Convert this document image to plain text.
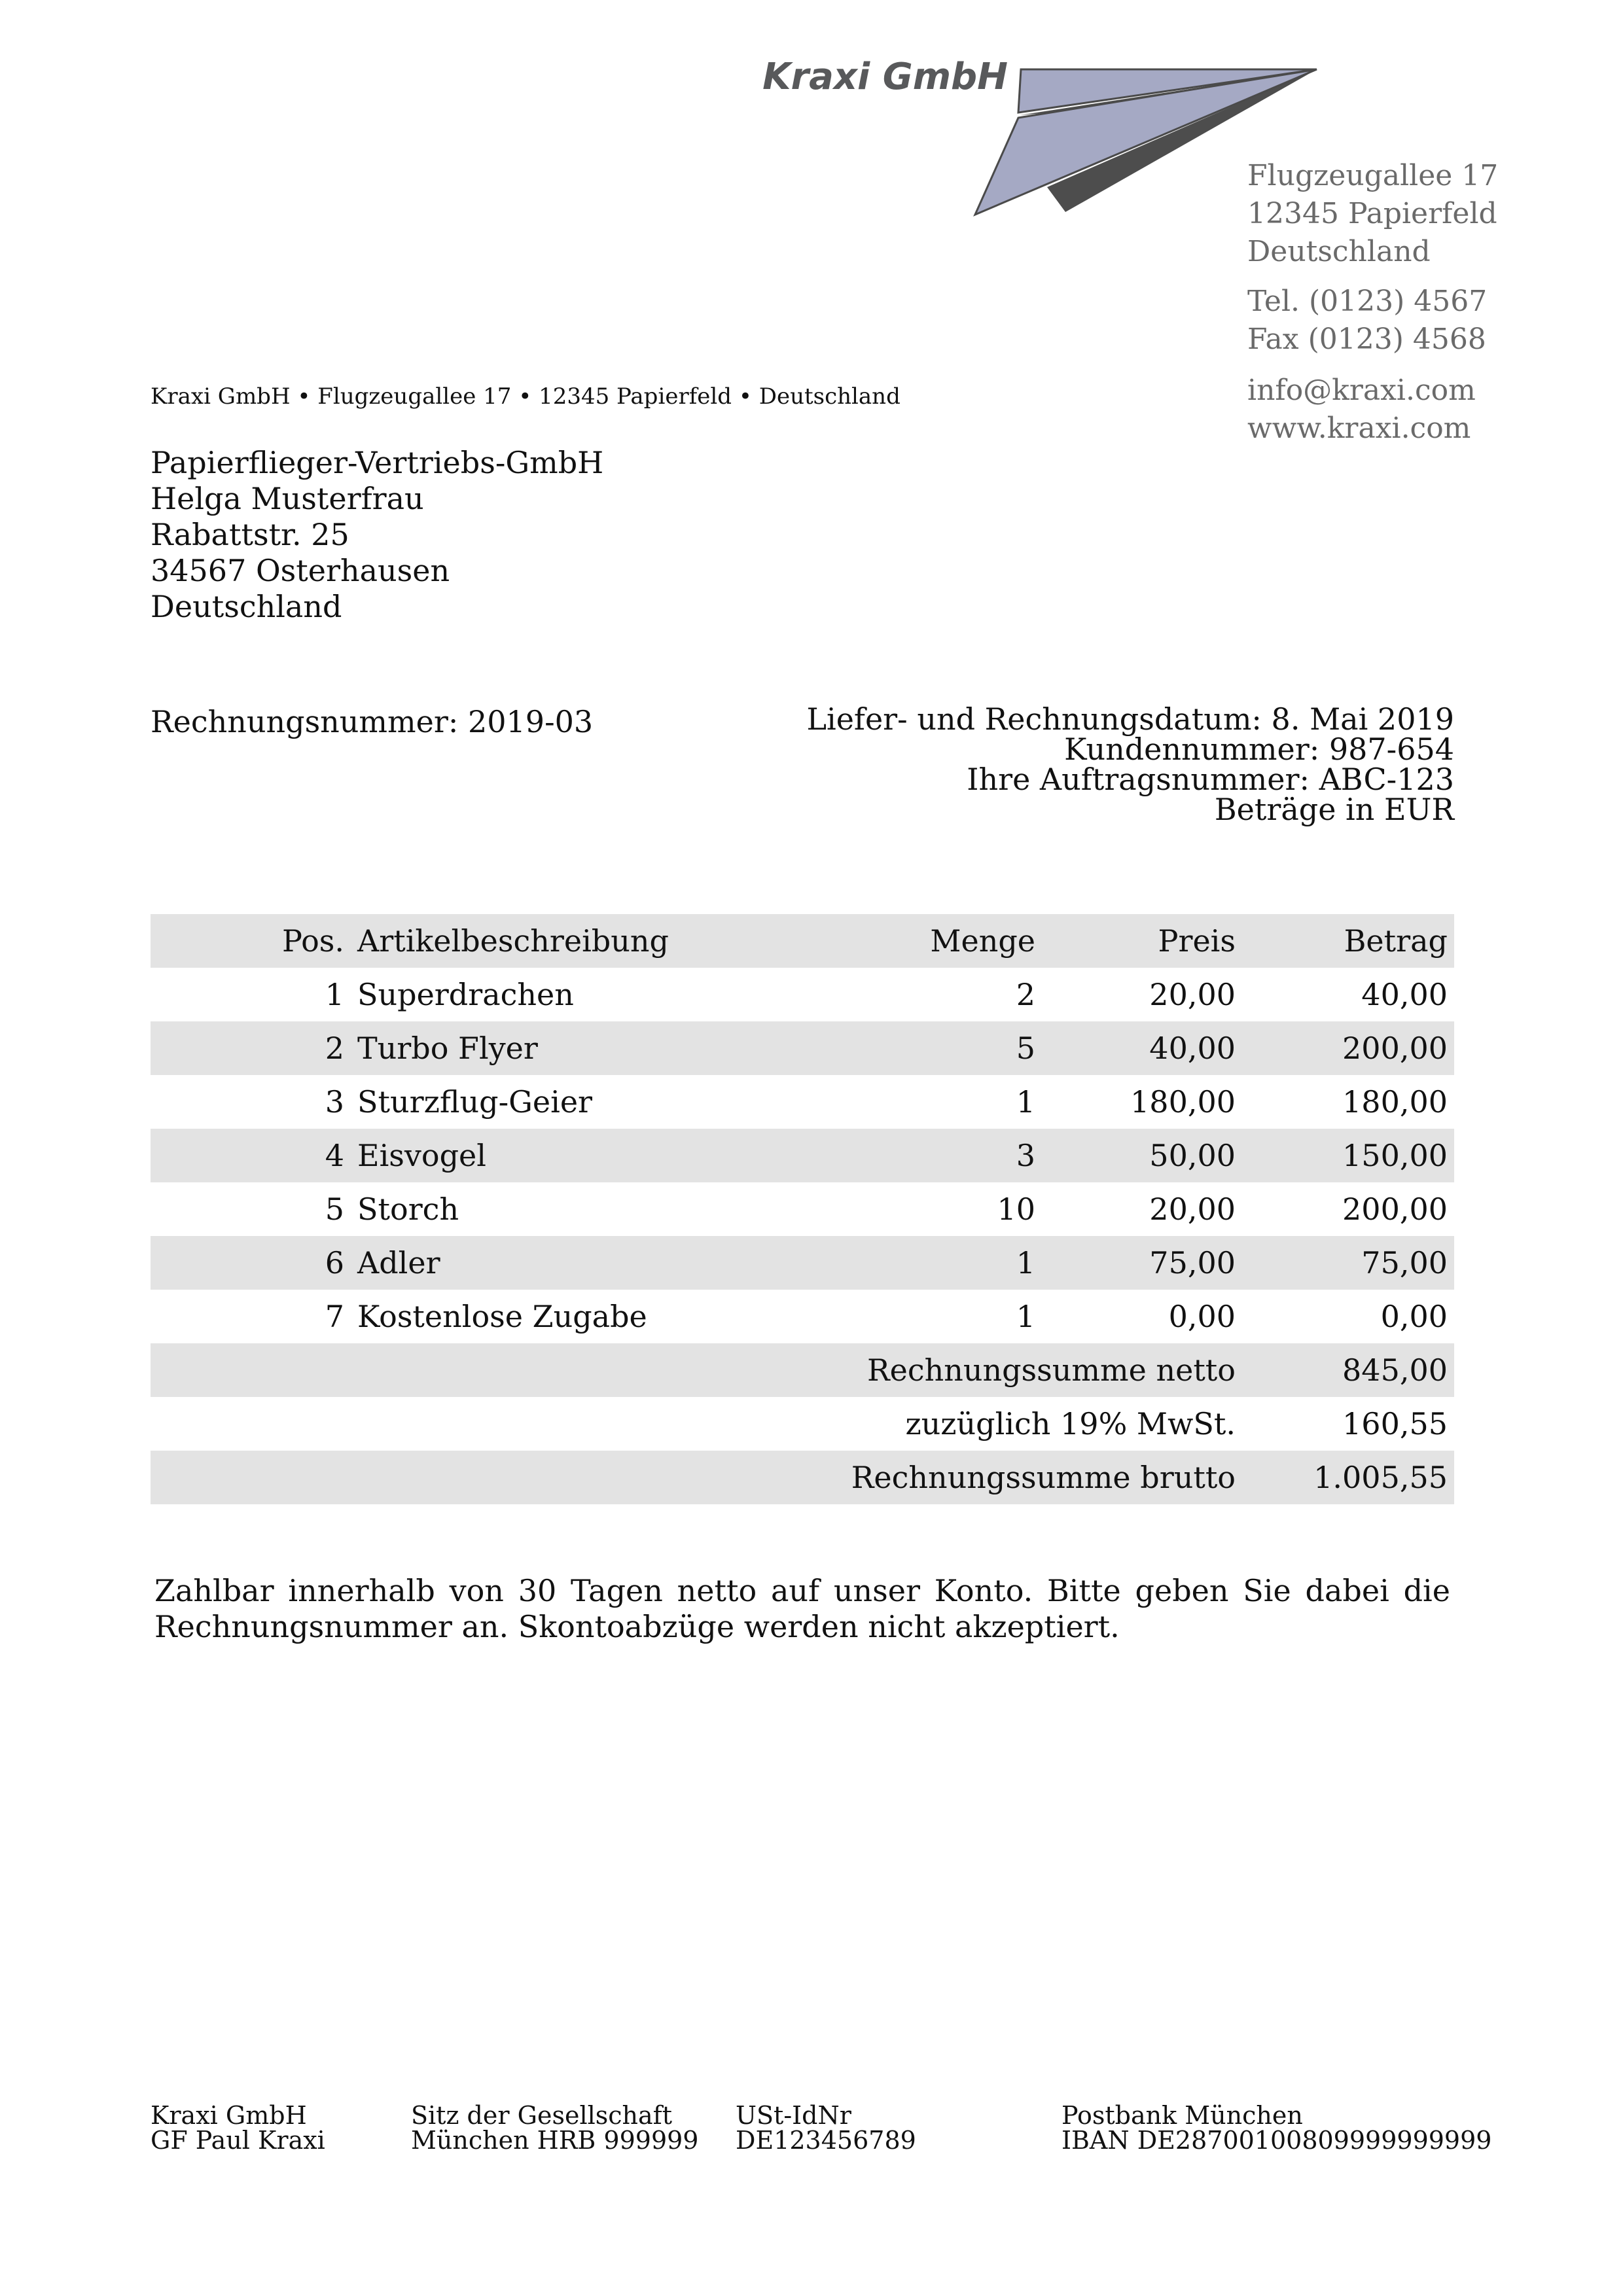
Kraxi GmbH
Flugzeugallee 17
12345 Papierfeld
Deutschland
Tel. (0123) 4567
Fax (0123) 4568
info@kraxi.com
www.kraxi.com
Kraxi GmbH • Flugzeugallee 17 • 12345 Papierfeld • Deutschland
Papierflieger-Vertriebs-GmbH
Helga Musterfrau
Rabattstr. 25
34567 Osterhausen
Deutschland
Rechnungsnummer: 2019-03	Liefer- und Rechnungsdatum: 8. Mai 2019
Kundennummer: 987-654
Ihre Auftragsnummer: ABC-123
Beträge in EUR
Pos.	Artikelbeschreibung	Menge	Preis	Betrag
1	Superdrachen	2	20,00	40,00
2	Turbo Flyer	5	40,00	200,00
3	Sturzflug-Geier	1	180,00	180,00
4	Eisvogel	3	50,00	150,00
5	Storch	10	20,00	200,00
6	Adler	1	75,00	75,00
7	Kostenlose Zugabe	1	0,00	0,00
Rechnungssumme netto				845,00
zuzüglich 19% MwSt.				160,55
Rechnungssumme brutto				1.005,55
Zahlbar innerhalb von 30 Tagen netto auf unser Konto. Bitte geben Sie dabei die Rechnungsnummer an. Skontoabzüge werden nicht akzeptiert.
Kraxi GmbH
GF Paul Kraxi
Sitz der Gesellschaft
München HRB 999999
USt-IdNr
DE123456789
Postbank München
IBAN DE28700100809999999999
